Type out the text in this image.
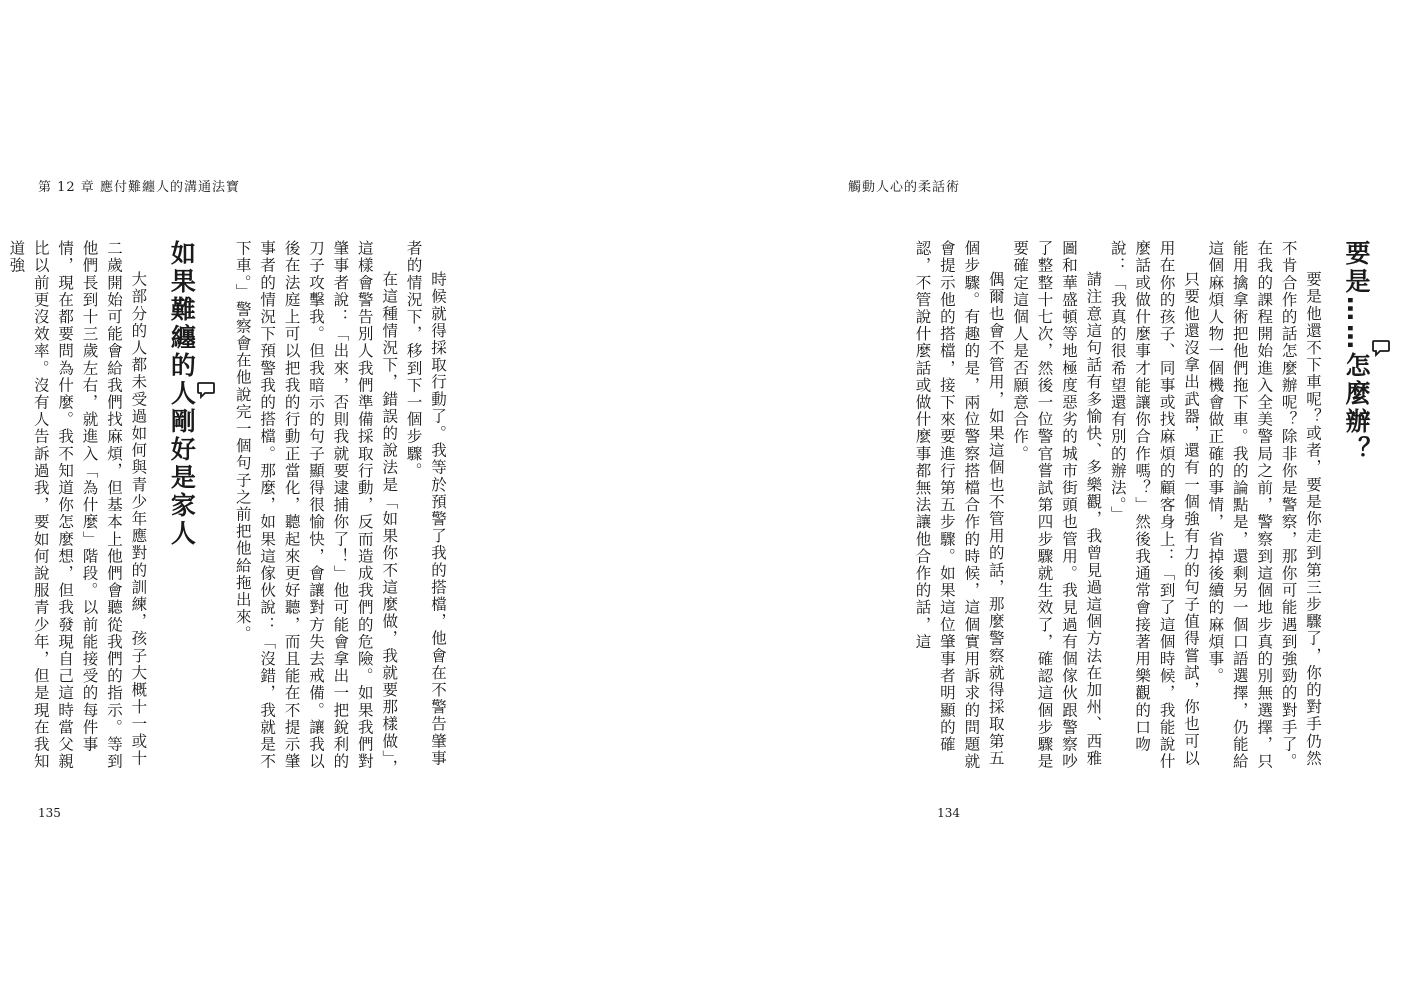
第 12 章 應付難纏人的溝通法寶

時候就得採取行動了。我等於預警了我的搭檔，他會在不警告肇事者的情況下，移到下一個步驟。

在這種情況下，錯誤的說法是「如果你不這麼做，我就要那樣做」，這樣會警告別人我們準備採取行動，反而造成我們的危險。如果我們對肇事者說：「出來，否則我就要逮捕你了！」他可能會拿出一把銳利的刀子攻擊我。但我暗示的句子顯得很愉快，會讓對方失去戒備。讓我以後在法庭上可以把我的行動正當化，聽起來更好聽，而且能在不提示肇事者的情況下預警我的搭檔。那麼，如果這傢伙說：「沒錯，我就是不下車。」警察會在他說完一個句子之前把他給拖出來。

如果難纏的人剛好是家人

大部分的人都未受過如何與青少年應對的訓練，孩子大概十一或十二歲開始可能會給我們找麻煩，但基本上他們會聽從我們的指示。等到他們長到十三歲左右，就進入「為什麼」階段。以前能接受的每件事情，現在都要問為什麼。我不知道你怎麼想，但我發現自己這時當父親比以前更沒效率。沒有人告訴過我，要如何說服青少年，但是現在我知道強

135
觸動人心的柔話術
要是……怎麼辦？

要是他還不下車呢？或者，要是你走到第三步驟了，你的對手仍然不肯合作的話怎麼辦呢？除非你是警察，那你可能遇到強勁的對手了。在我的課程開始進入全美警局之前，警察到這個地步真的別無選擇，只能用擒拿術把他們拖下車。我的論點是，還剩另一個口語選擇，仍能給這個麻煩人物一個機會做正確的事情，省掉後續的麻煩事。

只要他還沒拿出武器，還有一個強有力的句子值得嘗試，你也可以用在你的孩子、同事或找麻煩的顧客身上：「到了這個時候，我能說什麼話或做什麼事才能讓你合作嗎？」然後我通常會接著用樂觀的口吻說：「我真的很希望還有別的辦法。」

請注意這句話有多愉快、多樂觀，我曾見過這個方法在加州、西雅圖和華盛頓等地極度惡劣的城市街頭也管用。我見過有個傢伙跟警察吵了整整十七次，然後一位警官嘗試第四步驟就生效了，確認這個步驟是要確定這個人是否願意合作。

偶爾也會不管用，如果這個也不管用的話，那麼警察就得採取第五個步驟。有趣的是，兩位警察搭檔合作的時候，這個實用訴求的問題就會提示他的搭檔，接下來要進行第五步驟。如果這位肇事者明顯的確認，不管說什麼話或做什麼事都無法讓他合作的話，這

134
